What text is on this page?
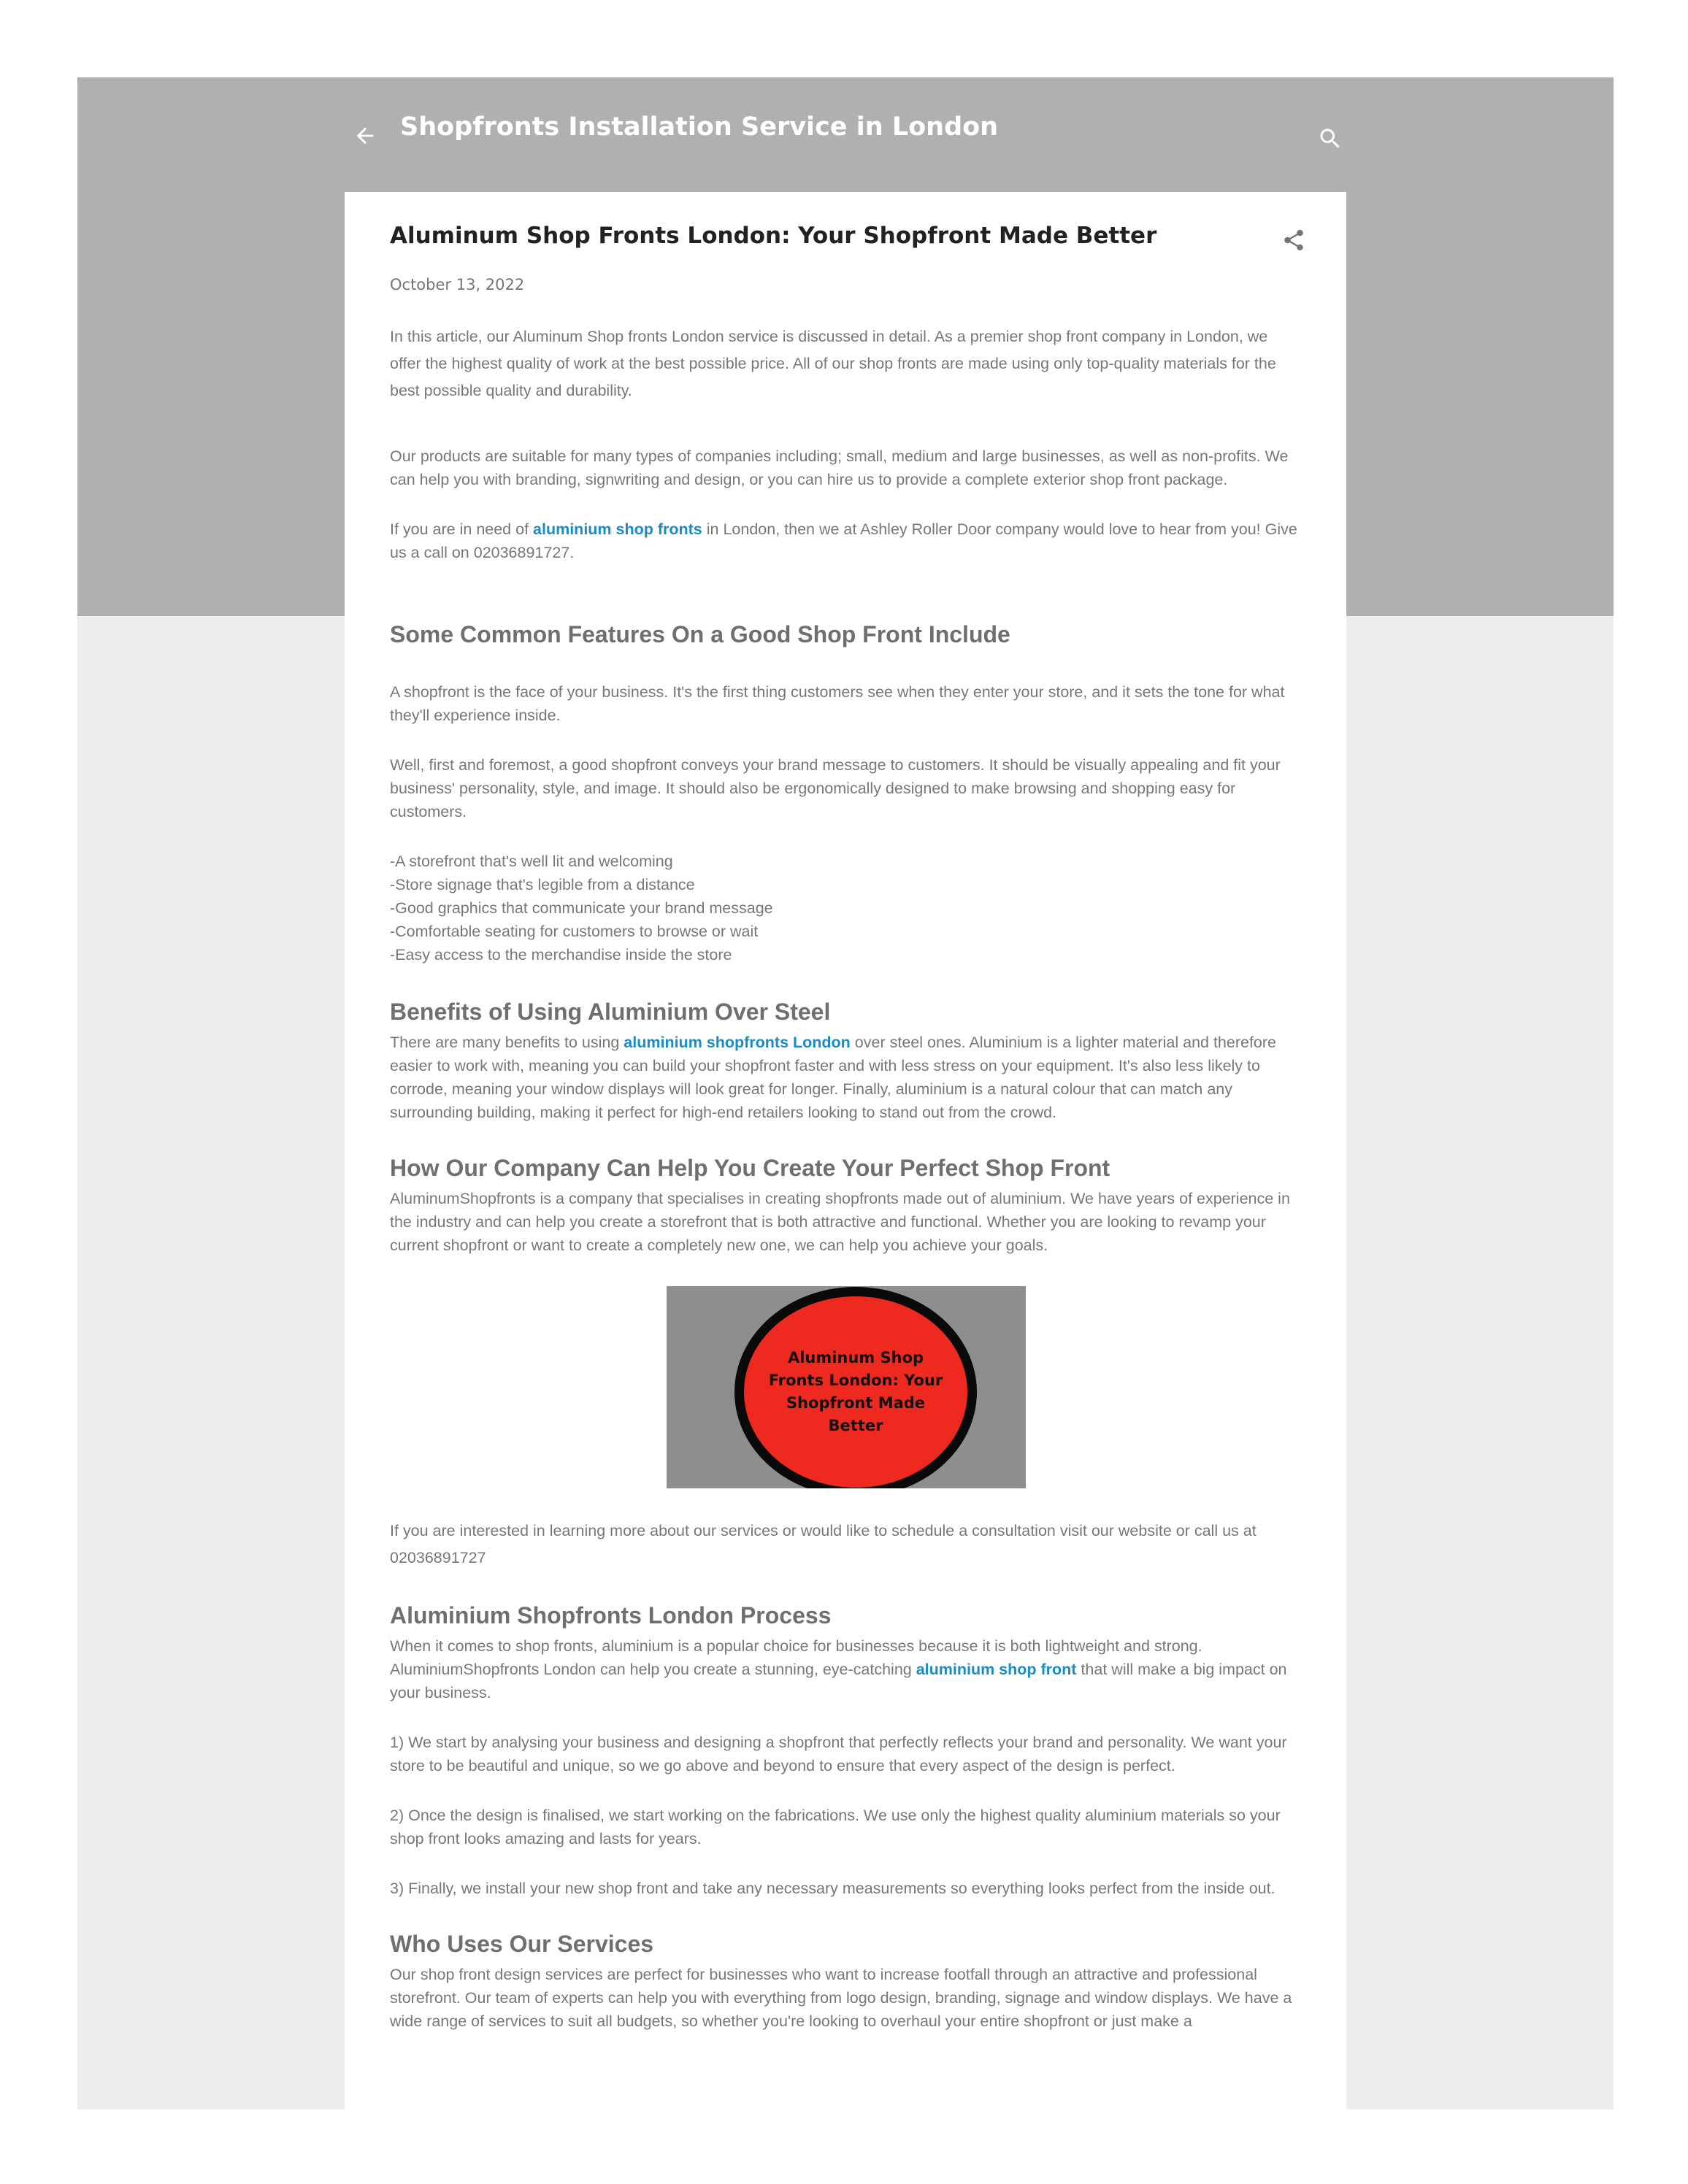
Shopfronts Installation Service in London
Aluminum Shop Fronts London: Your Shopfront Made Better
October 13, 2022

In this article, our Aluminum Shop fronts London service is discussed in detail. As a premier shop front company in London, we offer the highest quality of work at the best possible price. All of our shop fronts are made using only top-quality materials for the best possible quality and durability.

Our products are suitable for many types of companies including; small, medium and large businesses, as well as non-profits. We can help you with branding, signwriting and design, or you can hire us to provide a complete exterior shop front package.

If you are in need of aluminium shop fronts in London, then we at Ashley Roller Door company would love to hear from you! Give us a call on 02036891727.

Some Common Features On a Good Shop Front Include

A shopfront is the face of your business. It's the first thing customers see when they enter your store, and it sets the tone for what they'll experience inside.

Well, first and foremost, a good shopfront conveys your brand message to customers. It should be visually appealing and fit your business' personality, style, and image. It should also be ergonomically designed to make browsing and shopping easy for customers.

-A storefront that's well lit and welcoming

-Store signage that's legible from a distance

-Good graphics that communicate your brand message

-Comfortable seating for customers to browse or wait

-Easy access to the merchandise inside the store

Benefits of Using Aluminium Over Steel

There are many benefits to using aluminium shopfronts London over steel ones. Aluminium is a lighter material and therefore easier to work with, meaning you can build your shopfront faster and with less stress on your equipment. It's also less likely to corrode, meaning your window displays will look great for longer. Finally, aluminium is a natural colour that can match any surrounding building, making it perfect for high-end retailers looking to stand out from the crowd.

How Our Company Can Help You Create Your Perfect Shop Front

AluminumShopfronts is a company that specialises in creating shopfronts made out of aluminium. We have years of experience in the industry and can help you create a storefront that is both attractive and functional. Whether you are looking to revamp your current shopfront or want to create a completely new one, we can help you achieve your goals.

Aluminum Shop Fronts London: Your Shopfront Made Better

If you are interested in learning more about our services or would like to schedule a consultation visit our website or call us at 02036891727

Aluminium Shopfronts London Process

When it comes to shop fronts, aluminium is a popular choice for businesses because it is both lightweight and strong. AluminiumShopfronts London can help you create a stunning, eye-catching aluminium shop front that will make a big impact on your business.

1) We start by analysing your business and designing a shopfront that perfectly reflects your brand and personality. We want your store to be beautiful and unique, so we go above and beyond to ensure that every aspect of the design is perfect.

2) Once the design is finalised, we start working on the fabrications. We use only the highest quality aluminium materials so your shop front looks amazing and lasts for years.

3) Finally, we install your new shop front and take any necessary measurements so everything looks perfect from the inside out.

Who Uses Our Services

Our shop front design services are perfect for businesses who want to increase footfall through an attractive and professional storefront. Our team of experts can help you with everything from logo design, branding, signage and window displays. We have a wide range of services to suit all budgets, so whether you're looking to overhaul your entire shopfront or just make a
